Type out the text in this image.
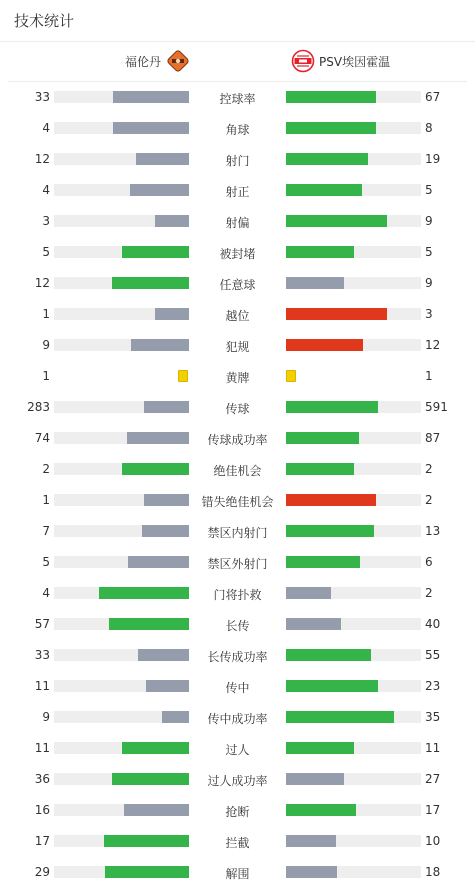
技术统计
福伦丹	PSV埃因霍温
33	控球率	67
4	角球	8
12	射门	19
4	射正	5
3	射偏	9
5	被封堵	5
12	任意球	9
1	越位	3
9	犯规	12
1	黄牌	1
283	传球	591
74	传球成功率	87
2	绝佳机会	2
1	错失绝佳机会	2
7	禁区内射门	13
5	禁区外射门	6
4	门将扑救	2
57	长传	40
33	长传成功率	55
11	传中	23
9	传中成功率	35
11	过人	11
36	过人成功率	27
16	抢断	17
17	拦截	10
29	解围	18
